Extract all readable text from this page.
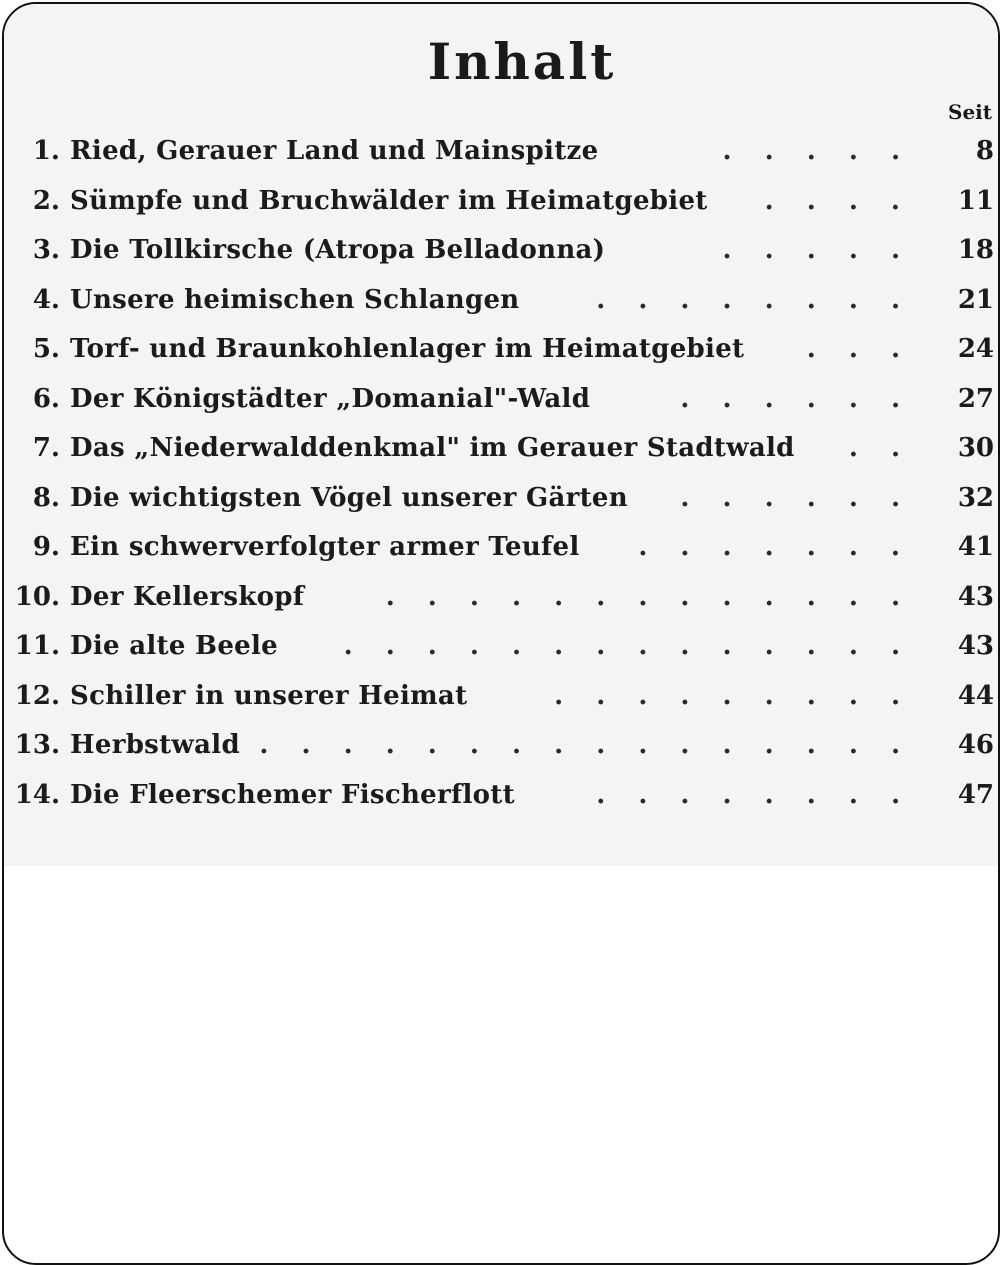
Inhalt
Seit
1. Ried, Gerauer Land und Mainspitze	. . . . . 8
2. Sümpfe und Bruchwälder im Heimatgebiet . . . . 11
3. Die Tollkirsche (Atropa Belladonna)	. . . . . 18
4. Unsere heimischen Schlangen	. . . . . . . . 21
5. Torf- und Braunkohlenlager im Heimatgebiet . . . 24
6. Der Königstädter „Domanial"-Wald	. . . . . . 27
7. Das „Niederwalddenkmal" im Gerauer Stadtwald . . 30
8. Die wichtigsten Vögel unserer Gärten . . . . . . 32
9. Ein schwerverfolgter armer Teufel . . . . . . . 41
10. Der Kellerskopf	. . . . . . . . . . . . . 43
11. Die alte Beele	. . . . . . . . . . . . . . 43
12. Schiller in unserer Heimat	. . . . . . . . . 44
13. Herbstwald . . . . . . . . . . . . . . . . 46
14. Die Fleerschemer Fischerflott	. . . . . . . . 47
